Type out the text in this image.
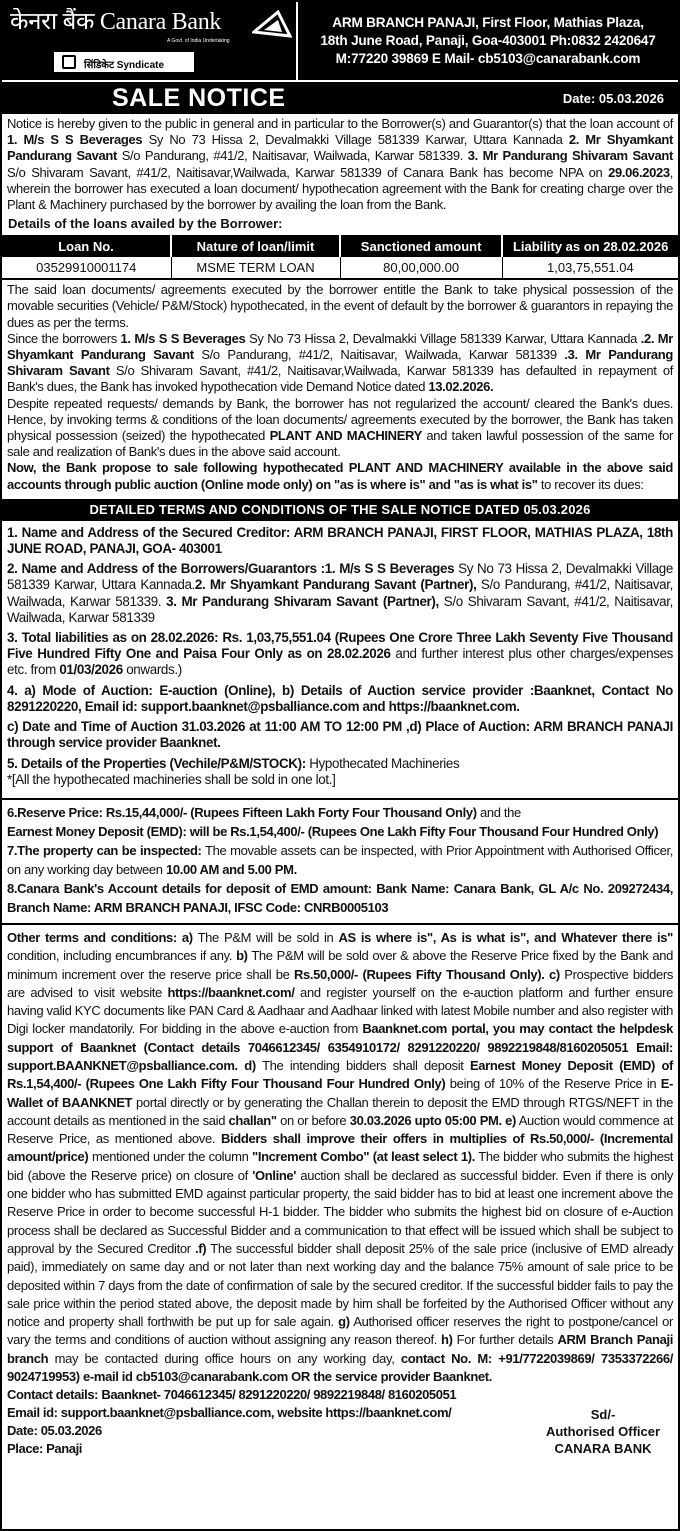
केनरा बैंक Canara Bank
A Govt. of India Undertaking
सिंडिकेट Syndicate
ARM BRANCH PANAJI, First Floor, Mathias Plaza,
18th June Road, Panaji, Goa-403001 Ph:0832 2420647
M:77220 39869 E Mail- cb5103@canarabank.com
SALE NOTICE	Date: 05.03.2026
Notice is hereby given to the public in general and in particular to the Borrower(s) and Guarantor(s) that the loan account of 1. M/s S S Beverages Sy No 73 Hissa 2, Devalmakki Village 581339 Karwar, Uttara Kannada 2. Mr Shyamkant Pandurang Savant S/o Pandurang, #41/2, Naitisavar, Wailwada, Karwar 581339. 3. Mr Pandurang Shivaram Savant S/o Shivaram Savant, #41/2, Naitisavar,Wailwada, Karwar 581339 of Canara Bank has become NPA on 29.06.2023, wherein the borrower has executed a loan document/ hypothecation agreement with the Bank for creating charge over the Plant & Machinery purchased by the borrower by availing the loan from the Bank.
Details of the loans availed by the Borrower:
Loan No.	Nature of loan/limit	Sanctioned amount	Liability as on 28.02.2026
03529910001174	MSME TERM LOAN	80,00,000.00	1,03,75,551.04
The said loan documents/ agreements executed by the borrower entitle the Bank to take physical possession of the movable securities (Vehicle/ P&M/Stock) hypothecated, in the event of default by the borrower & guarantors in repaying the dues as per the terms.
Since the borrowers 1. M/s S S Beverages Sy No 73 Hissa 2, Devalmakki Village 581339 Karwar, Uttara Kannada .2. Mr Shyamkant Pandurang Savant S/o Pandurang, #41/2, Naitisavar, Wailwada, Karwar 581339 .3. Mr Pandurang Shivaram Savant S/o Shivaram Savant, #41/2, Naitisavar,Wailwada, Karwar 581339 has defaulted in repayment of Bank's dues, the Bank has invoked hypothecation vide Demand Notice dated 13.02.2026.
Despite repeated requests/ demands by Bank, the borrower has not regularized the account/ cleared the Bank's dues. Hence, by invoking terms & conditions of the loan documents/ agreements executed by the borrower, the Bank has taken physical possession (seized) the hypothecated PLANT AND MACHINERY and taken lawful possession of the same for sale and realization of Bank's dues in the above said account.
Now, the Bank propose to sale following hypothecated PLANT AND MACHINERY available in the above said accounts through public auction (Online mode only) on "as is where is" and "as is what is" to recover its dues:
DETAILED TERMS AND CONDITIONS OF THE SALE NOTICE DATED 05.03.2026
1. Name and Address of the Secured Creditor: ARM BRANCH PANAJI, FIRST FLOOR, MATHIAS PLAZA, 18th JUNE ROAD, PANAJI, GOA- 403001
2. Name and Address of the Borrowers/Guarantors :1. M/s S S Beverages Sy No 73 Hissa 2, Devalmakki Village 581339 Karwar, Uttara Kannada.2. Mr Shyamkant Pandurang Savant (Partner), S/o Pandurang, #41/2, Naitisavar, Wailwada, Karwar 581339. 3. Mr Pandurang Shivaram Savant (Partner), S/o Shivaram Savant, #41/2, Naitisavar, Wailwada, Karwar 581339
3. Total liabilities as on 28.02.2026: Rs. 1,03,75,551.04 (Rupees One Crore Three Lakh Seventy Five Thousand Five Hundred Fifty One and Paisa Four Only as on 28.02.2026 and further interest plus other charges/expenses etc. from 01/03/2026 onwards.)
4. a) Mode of Auction: E-auction (Online), b) Details of Auction service provider :Baanknet, Contact No 8291220220, Email id: support.baanknet@psballiance.com and https://baanknet.com.
c) Date and Time of Auction 31.03.2026 at 11:00 AM TO 12:00 PM ,d) Place of Auction: ARM BRANCH PANAJI through service provider Baanknet.
5. Details of the Properties (Vechile/P&M/STOCK): Hypothecated Machineries
*[All the hypothecated machineries shall be sold in one lot.]
6.Reserve Price: Rs.15,44,000/- (Rupees Fifteen Lakh Forty Four Thousand Only) and the
Earnest Money Deposit (EMD): will be Rs.1,54,400/- (Rupees One Lakh Fifty Four Thousand Four Hundred Only)
7.The property can be inspected: The movable assets can be inspected, with Prior Appointment with Authorised Officer, on any working day between 10.00 AM and 5.00 PM.
8.Canara Bank's Account details for deposit of EMD amount: Bank Name: Canara Bank, GL A/c No. 209272434, Branch Name: ARM BRANCH PANAJI, IFSC Code: CNRB0005103
Other terms and conditions: a) The P&M will be sold in AS is where is", As is what is", and Whatever there is" condition, including encumbrances if any. b) The P&M will be sold over & above the Reserve Price fixed by the Bank and minimum increment over the reserve price shall be Rs.50,000/- (Rupees Fifty Thousand Only). c) Prospective bidders are advised to visit website https://baanknet.com/ and register yourself on the e-auction platform and further ensure having valid KYC documents like PAN Card & Aadhaar and Aadhaar linked with latest Mobile number and also register with Digi locker mandatorily. For bidding in the above e-auction from Baanknet.com portal, you may contact the helpdesk support of Baanknet (Contact details 7046612345/ 6354910172/ 8291220220/ 9892219848/8160205051 Email: support.BAANKNET@psballiance.com. d) The intending bidders shall deposit Earnest Money Deposit (EMD) of Rs.1,54,400/- (Rupees One Lakh Fifty Four Thousand Four Hundred Only) being of 10% of the Reserve Price in E-Wallet of BAANKNET portal directly or by generating the Challan therein to deposit the EMD through RTGS/NEFT in the account details as mentioned in the said challan" on or before 30.03.2026 upto 05:00 PM. e) Auction would commence at Reserve Price, as mentioned above. Bidders shall improve their offers in multiplies of Rs.50,000/- (Incremental amount/price) mentioned under the column "Increment Combo" (at least select 1). The bidder who submits the highest bid (above the Reserve price) on closure of 'Online' auction shall be declared as successful bidder. Even if there is only one bidder who has submitted EMD against particular property, the said bidder has to bid at least one increment above the Reserve Price in order to become successful H-1 bidder. The bidder who submits the highest bid on closure of e-Auction process shall be declared as Successful Bidder and a communication to that effect will be issued which shall be subject to approval by the Secured Creditor .f) The successful bidder shall deposit 25% of the sale price (inclusive of EMD already paid), immediately on same day and or not later than next working day and the balance 75% amount of sale price to be deposited within 7 days from the date of confirmation of sale by the secured creditor. If the successful bidder fails to pay the sale price within the period stated above, the deposit made by him shall be forfeited by the Authorised Officer without any notice and property shall forthwith be put up for sale again. g) Authorised officer reserves the right to postpone/cancel or vary the terms and conditions of auction without assigning any reason thereof. h) For further details ARM Branch Panaji branch may be contacted during office hours on any working day, contact No. M: +91/7722039869/ 7353372266/ 9024719953) e-mail id cb5103@canarabank.com OR the service provider Baanknet.
Contact details: Baanknet- 7046612345/ 8291220220/ 9892219848/ 8160205051
Email id: support.baanknet@psballiance.com, website https://baanknet.com/
Date: 05.03.2026
Place: Panaji
Sd/-
Authorised Officer
CANARA BANK
